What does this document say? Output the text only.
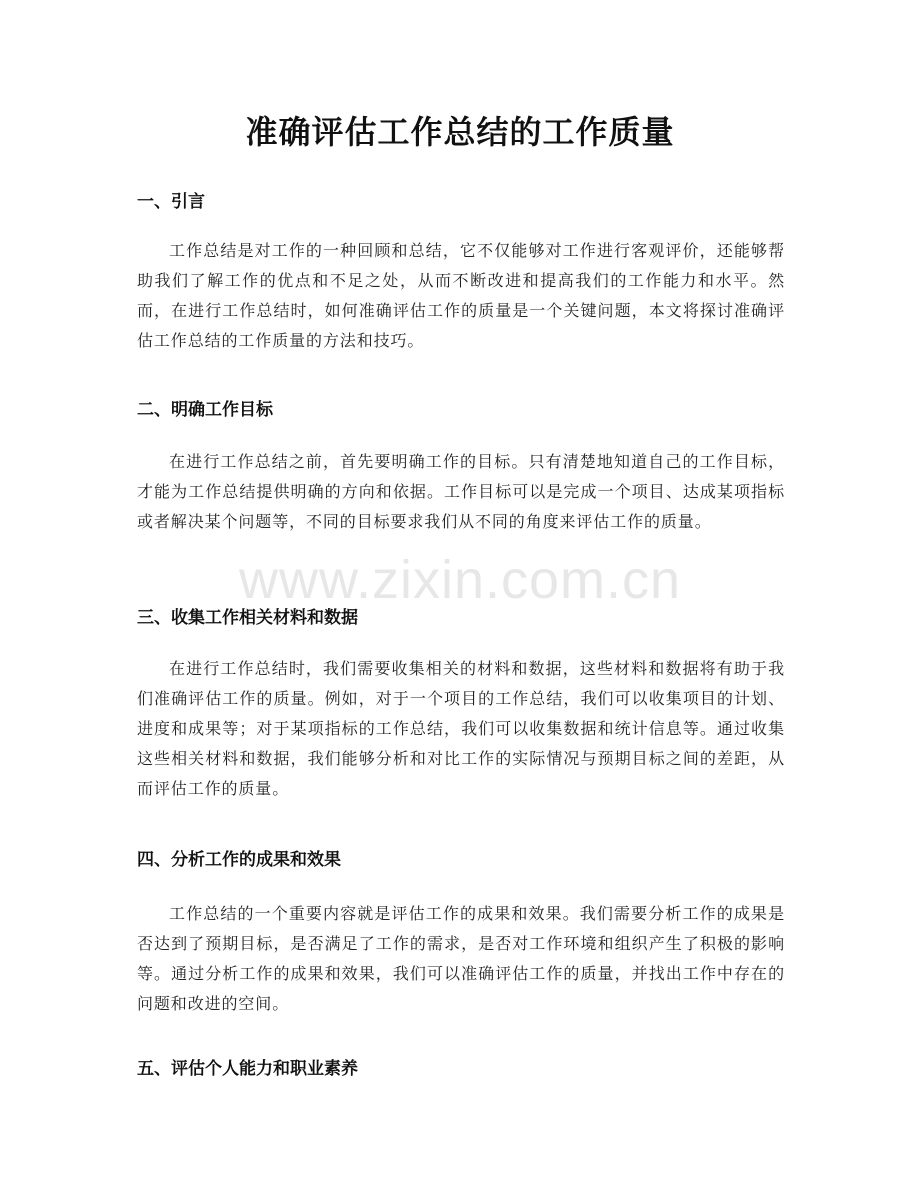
准确评估工作总结的工作质量
www.zixin.com.cn
一、引言

工作总结是对工作的一种回顾和总结，它不仅能够对工作进行客观评价，还能够帮助我们了解工作的优点和不足之处，从而不断改进和提高我们的工作能力和水平。然而，在进行工作总结时，如何准确评估工作的质量是一个关键问题，本文将探讨准确评估工作总结的工作质量的方法和技巧。

二、明确工作目标

在进行工作总结之前，首先要明确工作的目标。只有清楚地知道自己的工作目标，才能为工作总结提供明确的方向和依据。工作目标可以是完成一个项目、达成某项指标或者解决某个问题等，不同的目标要求我们从不同的角度来评估工作的质量。

三、收集工作相关材料和数据

在进行工作总结时，我们需要收集相关的材料和数据，这些材料和数据将有助于我们准确评估工作的质量。例如，对于一个项目的工作总结，我们可以收集项目的计划、进度和成果等；对于某项指标的工作总结，我们可以收集数据和统计信息等。通过收集这些相关材料和数据，我们能够分析和对比工作的实际情况与预期目标之间的差距，从而评估工作的质量。

四、分析工作的成果和效果

工作总结的一个重要内容就是评估工作的成果和效果。我们需要分析工作的成果是否达到了预期目标，是否满足了工作的需求，是否对工作环境和组织产生了积极的影响等。通过分析工作的成果和效果，我们可以准确评估工作的质量，并找出工作中存在的问题和改进的空间。

五、评估个人能力和职业素养
